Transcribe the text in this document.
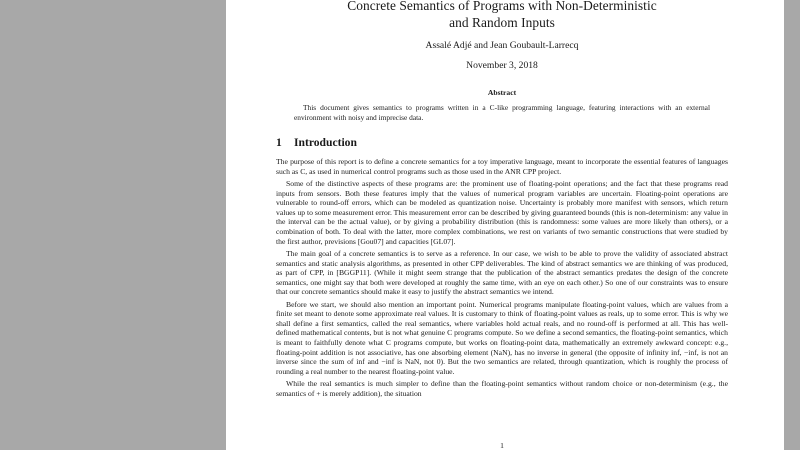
Concrete Semantics of Programs with Non-Deterministic
and Random Inputs
Assalé Adjé and Jean Goubault-Larrecq
November 3, 2018
Abstract
This document gives semantics to programs written in a C-like programming language, featuring interactions with an external environment with noisy and imprecise data.
1 Introduction

The purpose of this report is to define a concrete semantics for a toy imperative language, meant to incorporate the essential features of languages such as C, as used in numerical control programs such as those used in the ANR CPP project.

Some of the distinctive aspects of these programs are: the prominent use of floating-point operations; and the fact that these programs read inputs from sensors. Both these features imply that the values of numerical program variables are uncertain. Floating-point operations are vulnerable to round-off errors, which can be modeled as quantization noise. Uncertainty is probably more manifest with sensors, which return values up to some measurement error. This measurement error can be described by giving guaranteed bounds (this is non-determinism: any value in the interval can be the actual value), or by giving a probability distribution (this is randomness: some values are more likely than others), or a combination of both. To deal with the latter, more complex combinations, we rest on variants of two semantic constructions that were studied by the first author, previsions [Gou07] and capacities [GL07].

The main goal of a concrete semantics is to serve as a reference. In our case, we wish to be able to prove the validity of associated abstract semantics and static analysis algorithms, as presented in other CPP deliverables. The kind of abstract semantics we are thinking of was produced, as part of CPP, in [BGGP11]. (While it might seem strange that the publication of the abstract semantics predates the design of the concrete semantics, one might say that both were developed at roughly the same time, with an eye on each other.) So one of our constraints was to ensure that our concrete semantics should make it easy to justify the abstract semantics we intend.

Before we start, we should also mention an important point. Numerical programs manipulate floating-point values, which are values from a finite set meant to denote some approximate real values. It is customary to think of floating-point values as reals, up to some error. This is why we shall define a first semantics, called the real semantics, where variables hold actual reals, and no round-off is performed at all. This has well-defined mathematical contents, but is not what genuine C programs compute. So we define a second semantics, the floating-point semantics, which is meant to faithfully denote what C programs compute, but works on floating-point data, mathematically an extremely awkward concept: e.g., floating-point addition is not associative, has one absorbing element (NaN), has no inverse in general (the opposite of infinity inf, −inf, is not an inverse since the sum of inf and −inf is NaN, not 0). But the two semantics are related, through quantization, which is roughly the process of rounding a real number to the nearest floating-point value.

While the real semantics is much simpler to define than the floating-point semantics without random choice or non-determinism (e.g., the semantics of + is merely addition), the situation

1
